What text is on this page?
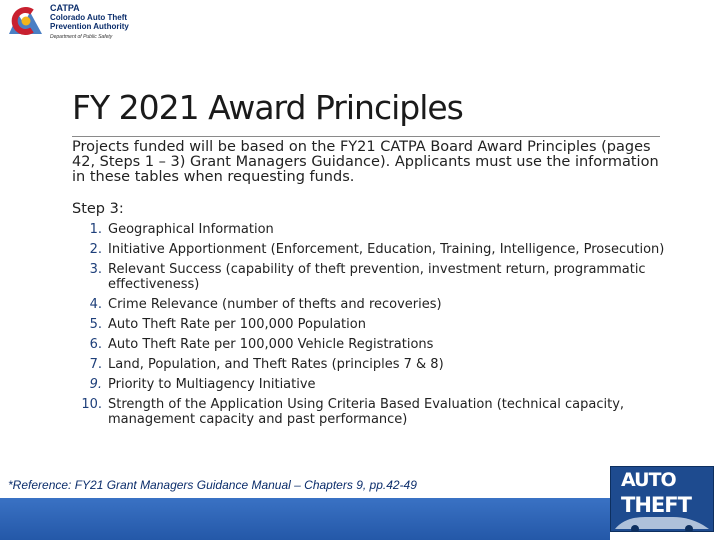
CATPA
Colorado Auto Theft
Prevention Authority
Department of Public Safety
FY 2021 Award Principles
Projects funded will be based on the FY21 CATPA Board Award Principles (pages 42, Steps 1 – 3) Grant Managers Guidance). Applicants must use the information in these tables when requesting funds.
Step 3:
1. Geographical Information
2. Initiative Apportionment (Enforcement, Education, Training, Intelligence, Prosecution)
3. Relevant Success (capability of theft prevention, investment return, programmatic effectiveness)
4. Crime Relevance (number of thefts and recoveries)
5. Auto Theft Rate per 100,000 Population
6. Auto Theft Rate per 100,000 Vehicle Registrations
7. Land, Population, and Theft Rates (principles 7 & 8)
9. Priority to Multiagency Initiative
10. Strength of the Application Using Criteria Based Evaluation (technical capacity, management capacity and past performance)
*Reference: FY21 Grant Managers Guidance Manual – Chapters 9, pp.42-49	AUTO
THEFT
